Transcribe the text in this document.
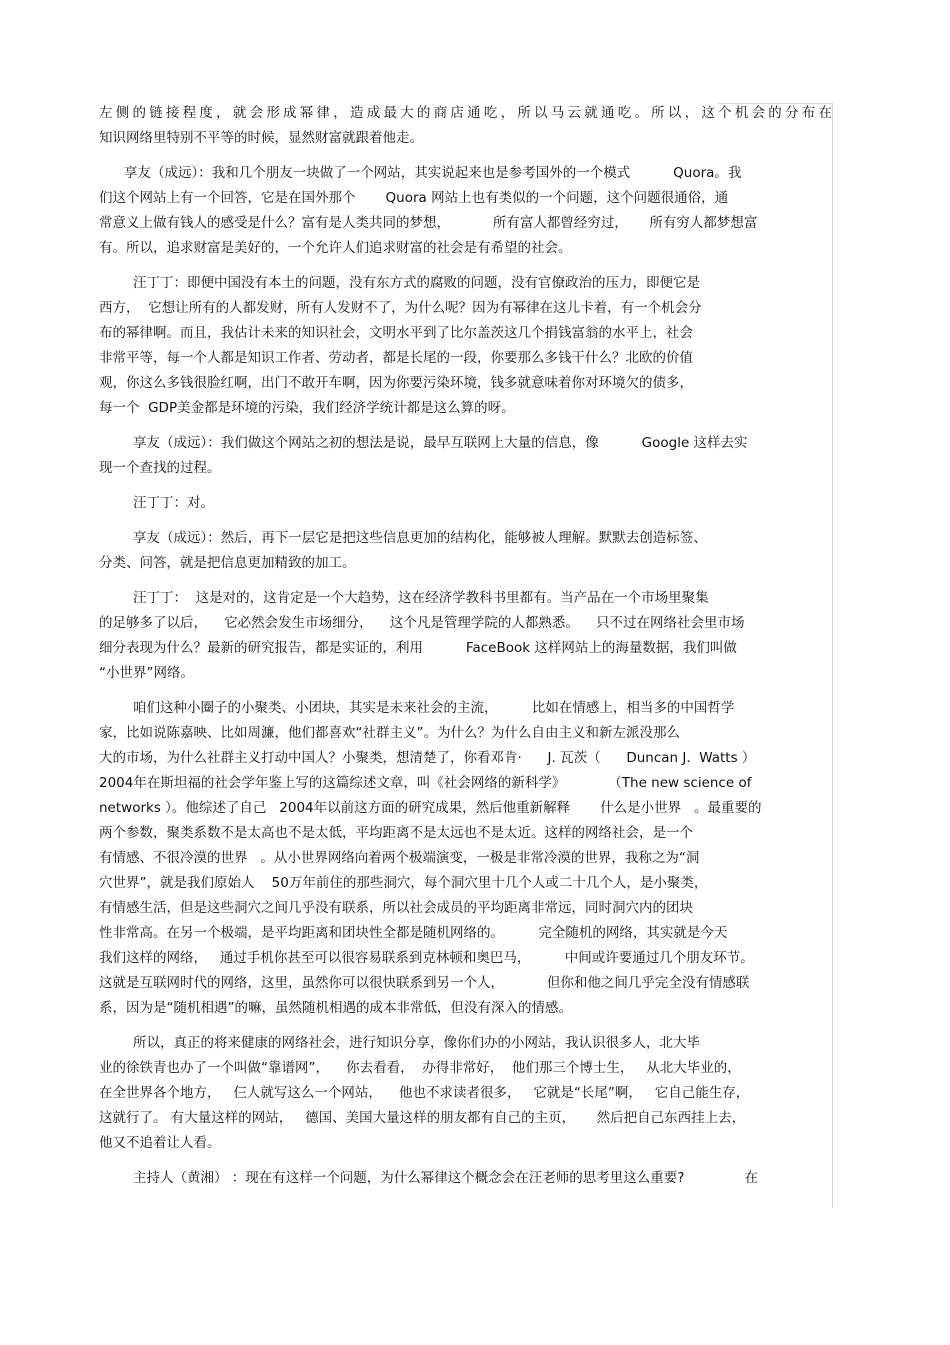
左侧的链接程度，就会形成幂律，造成最大的商店通吃，所以马云就通吃。所以，这个机会的分布在
知识网络里特别不平等的时候，显然财富就跟着他走。
享友（成远）：我和几个朋友一块做了一个网站，其实说起来也是参考国外的一个模式          Quora。我
们这个网站上有一个回答，它是在国外那个       Quora 网站上也有类似的一个问题，这个问题很通俗，通
常意义上做有钱人的感受是什么？富有是人类共同的梦想，          所有富人都曾经穷过，     所有穷人都梦想富
有。所以，追求财富是美好的，一个允许人们追求财富的社会是有希望的社会。
汪丁丁：即便中国没有本土的问题，没有东方式的腐败的问题，没有官僚政治的压力，即便它是
西方，  它想让所有的人都发财，所有人发财不了，为什么呢？因为有幂律在这儿卡着，有一个机会分
布的幂律啊。而且，我估计未来的知识社会，文明水平到了比尔盖茨这几个捐钱富翁的水平上，社会
非常平等，每一个人都是知识工作者、劳动者，都是长尾的一段，你要那么多钱干什么？北欧的价值
观，你这么多钱很脸红啊，出门不敢开车啊，因为你要污染环境，钱多就意味着你对环境欠的债多，
每一个  GDP美金都是环境的污染，我们经济学统计都是这么算的呀。
享友（成远）：我们做这个网站之初的想法是说，最早互联网上大量的信息，像          Google 这样去实
现一个查找的过程。
汪丁丁：对。
享友（成远）：然后，再下一层它是把这些信息更加的结构化，能够被人理解。默默去创造标签、
分类、问答，就是把信息更加精致的加工。
汪丁丁：  这是对的，这肯定是一个大趋势，这在经济学教科书里都有。当产品在一个市场里聚集
的足够多了以后，    它必然会发生市场细分，    这个凡是管理学院的人都熟悉。    只不过在网络社会里市场
细分表现为什么？最新的研究报告，都是实证的，利用          FaceBook 这样网站上的海量数据，我们叫做
“小世界”网络。
咱们这种小圈子的小聚类、小团块，其实是未来社会的主流，        比如在情感上，相当多的中国哲学
家，比如说陈嘉映、比如周濂，他们都喜欢“社群主义”。为什么？为什么自由主义和新左派没那么
大的市场，为什么社群主义打动中国人？小聚类，想清楚了，你看邓肯·      J. 瓦茨（      Duncan J.  Watts ）
2004年在斯坦福的社会学年鉴上写的这篇综述文章，叫《社会网络的新科学》          （The new science of
networks ）。他综述了自己   2004年以前这方面的研究成果，然后他重新解释       什么是小世界   。最重要的
两个参数，聚类系数不是太高也不是太低，平均距离不是太远也不是太近。这样的网络社会，是一个
有情感、不很冷漠的世界   。从小世界网络向着两个极端演变，一极是非常冷漠的世界，我称之为“洞
穴世界”，就是我们原始人    50万年前住的那些洞穴，每个洞穴里十几个人或二十几个人，是小聚类，
有情感生活，但是这些洞穴之间几乎没有联系，所以社会成员的平均距离非常远，同时洞穴内的团块
性非常高。在另一个极端，是平均距离和团块性全都是随机网络的。        完全随机的网络，其实就是今天
我们这样的网络，   通过手机你甚至可以很容易联系到克林顿和奥巴马，        中间或许要通过几个朋友环节。
这就是互联网时代的网络，这里，虽然你可以很快联系到另一个人，          但你和他之间几乎完全没有情感联
系，因为是“随机相遇”的嘛，虽然随机相遇的成本非常低，但没有深入的情感。
所以，真正的将来健康的网络社会，进行知识分享，像你们办的小网站，我认识很多人，北大毕
业的徐铁青也办了一个叫做“靠谱网”，    你去看看，  办得非常好，  他们那三个博士生，   从北大毕业的，
在全世界各个地方，   仨人就写这么一个网站，    他也不求读者很多，   它就是“长尾”啊，   它自己能生存，
这就行了。 有大量这样的网站，   德国、美国大量这样的朋友都有自己的主页，     然后把自己东西挂上去，
他又不追着让人看。
主持人（黄湘） ：现在有这样一个问题，为什么幂律这个概念会在汪老师的思考里这么重要?              在
